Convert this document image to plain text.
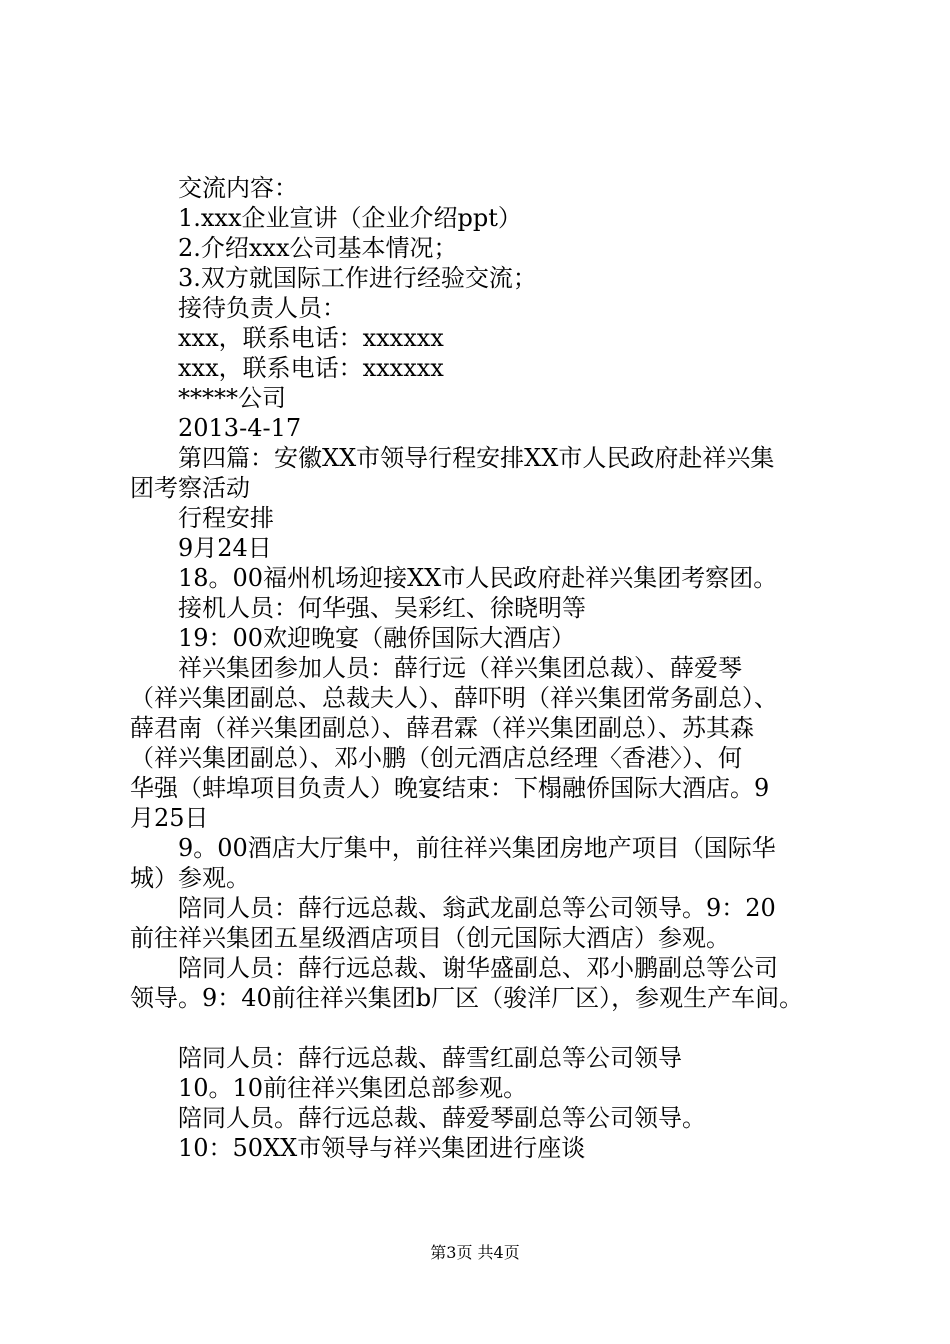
交流内容：
1.xxx企业宣讲（企业介绍ppt）
2.介绍xxx公司基本情况；
3.双方就国际工作进行经验交流；
接待负责人员：
xxx，联系电话：xxxxxx
xxx，联系电话：xxxxxx
*****公司
2013-4-17
第四篇：安徽XX市领导行程安排XX市人民政府赴祥兴集
团考察活动
行程安排
9月24日
18。00福州机场迎接XX市人民政府赴祥兴集团考察团。
接机人员：何华强、吴彩红、徐晓明等
19：00欢迎晚宴（融侨国际大酒店）
祥兴集团参加人员：薛行远（祥兴集团总裁）、薛爱琴
（祥兴集团副总、总裁夫人）、薛吓明（祥兴集团常务副总）、
薛君南（祥兴集团副总）、薛君霖（祥兴集团副总）、苏其森
（祥兴集团副总）、邓小鹏（创元酒店总经理〈香港〉）、何
华强（蚌埠项目负责人）晚宴结束：下榻融侨国际大酒店。9
月25日
9。00酒店大厅集中，前往祥兴集团房地产项目（国际华
城）参观。
陪同人员：薛行远总裁、翁武龙副总等公司领导。9：20
前往祥兴集团五星级酒店项目（创元国际大酒店）参观。
陪同人员：薛行远总裁、谢华盛副总、邓小鹏副总等公司
领导。9：40前往祥兴集团b厂区（骏洋厂区），参观生产车间。
陪同人员：薛行远总裁、薛雪红副总等公司领导
10。10前往祥兴集团总部参观。
陪同人员。薛行远总裁、薛爱琴副总等公司领导。
10：50XX市领导与祥兴集团进行座谈
第3页 共4页
